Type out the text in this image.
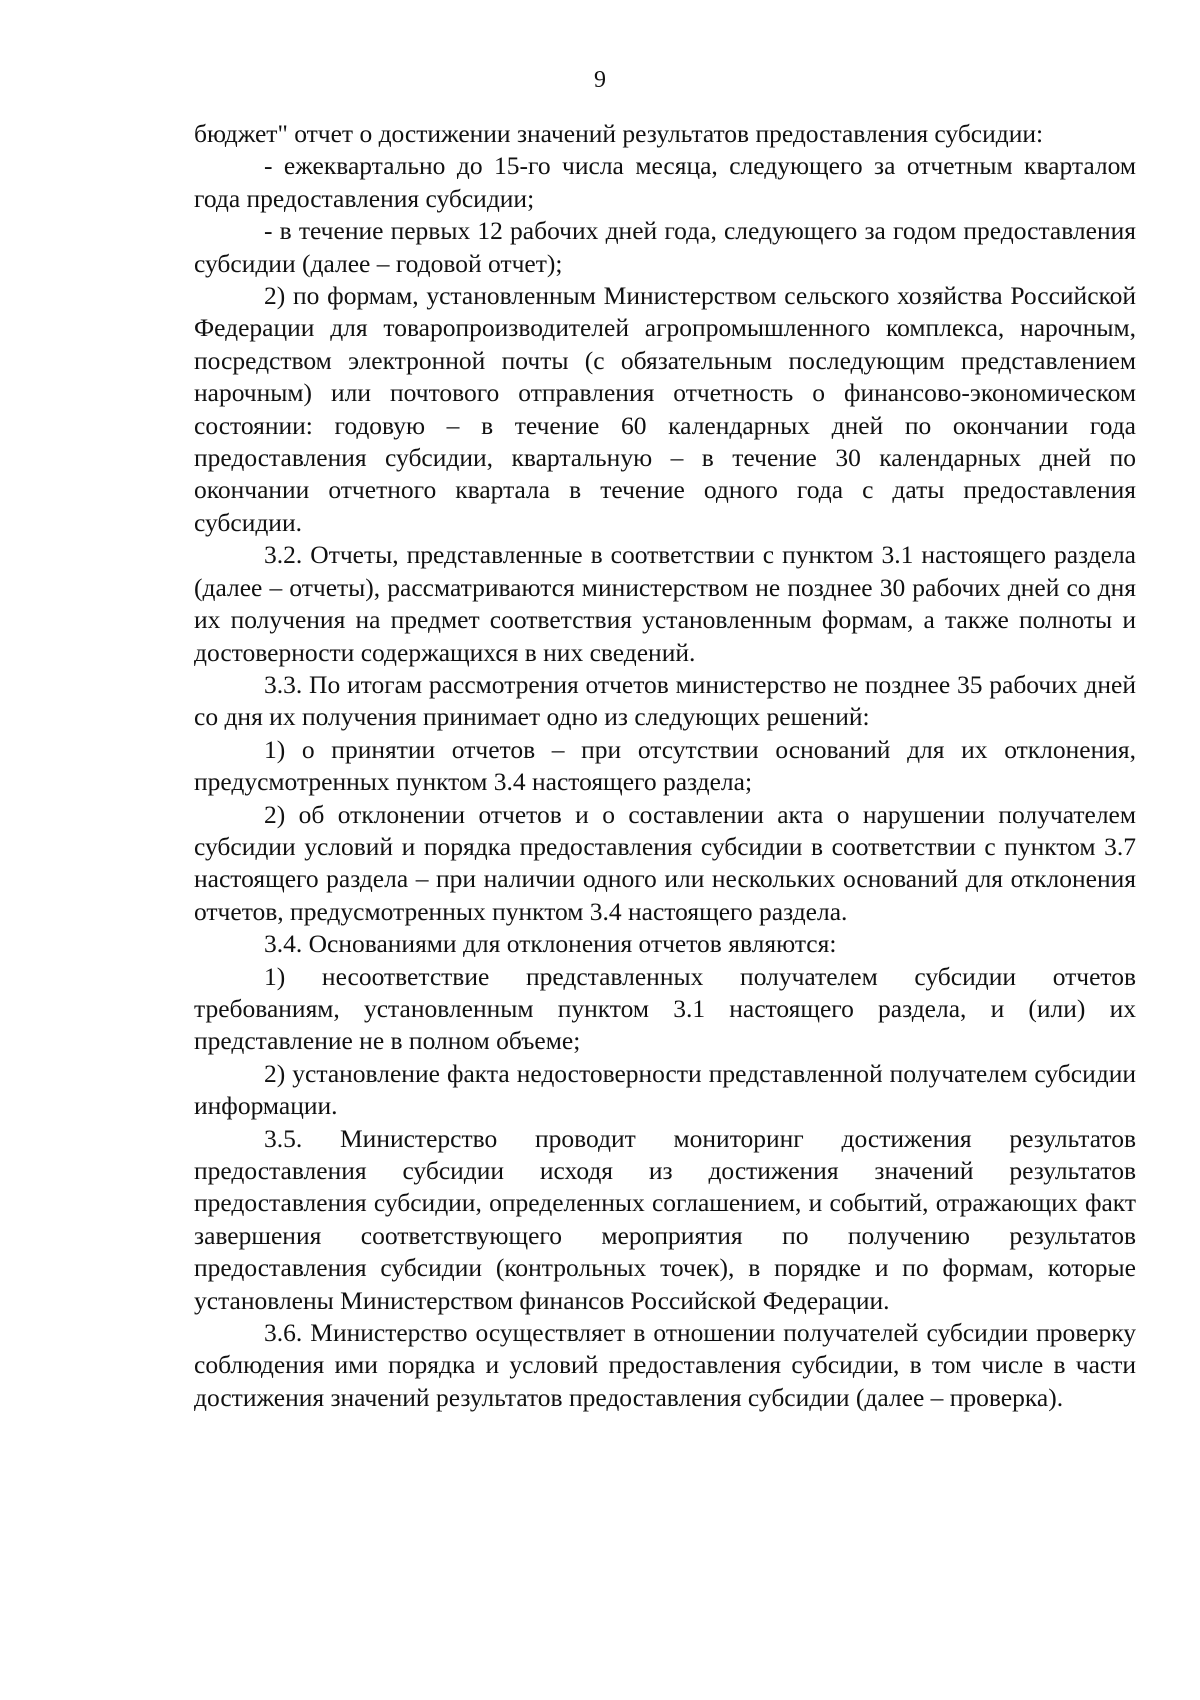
9

бюджет" отчет о достижении значений результатов предоставления субсидии:

- ежеквартально до 15-го числа месяца, следующего за отчетным кварталом года предоставления субсидии;

- в течение первых 12 рабочих дней года, следующего за годом предоставления субсидии (далее – годовой отчет);

2) по формам, установленным Министерством сельского хозяйства Российской Федерации для товаропроизводителей агропромышленного комплекса, нарочным, посредством электронной почты (с обязательным последующим представлением нарочным) или почтового отправления отчетность о финансово-экономическом состоянии: годовую – в течение 60 календарных дней по окончании года предоставления субсидии, квартальную – в течение 30 календарных дней по окончании отчетного квартала в течение одного года с даты предоставления субсидии.

3.2. Отчеты, представленные в соответствии с пунктом 3.1 настоящего раздела (далее – отчеты), рассматриваются министерством не позднее 30 рабочих дней со дня их получения на предмет соответствия установленным формам, а также полноты и достоверности содержащихся в них сведений.

3.3. По итогам рассмотрения отчетов министерство не позднее 35 рабочих дней со дня их получения принимает одно из следующих решений:

1) о принятии отчетов – при отсутствии оснований для их отклонения, предусмотренных пунктом 3.4 настоящего раздела;

2) об отклонении отчетов и о составлении акта о нарушении получателем субсидии условий и порядка предоставления субсидии в соответствии с пунктом 3.7 настоящего раздела – при наличии одного или нескольких оснований для отклонения отчетов, предусмотренных пунктом 3.4 настоящего раздела.

3.4. Основаниями для отклонения отчетов являются:

1) несоответствие представленных получателем субсидии отчетов требованиям, установленным пунктом 3.1 настоящего раздела, и (или) их представление не в полном объеме;

2) установление факта недостоверности представленной получателем субсидии информации.

3.5. Министерство проводит мониторинг достижения результатов предоставления субсидии исходя из достижения значений результатов предоставления субсидии, определенных соглашением, и событий, отражающих факт завершения соответствующего мероприятия по получению результатов предоставления субсидии (контрольных точек), в порядке и по формам, которые установлены Министерством финансов Российской Федерации.

3.6. Министерство осуществляет в отношении получателей субсидии проверку соблюдения ими порядка и условий предоставления субсидии, в том числе в части достижения значений результатов предоставления субсидии (далее – проверка).
